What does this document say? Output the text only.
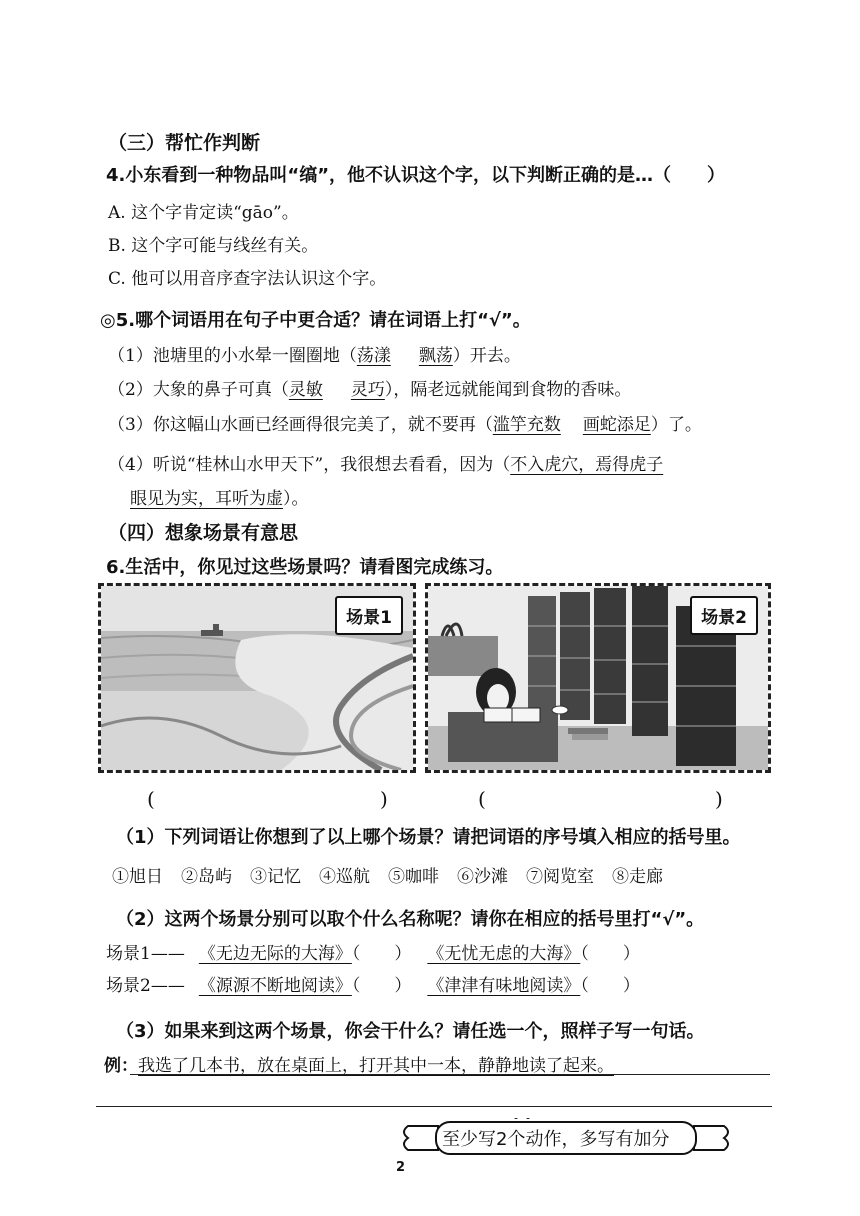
（三）帮忙作判断
4.小东看到一种物品叫“缟”，他不认识这个字，以下判断正确的是…（　　）
A. 这个字肯定读“gāo”。
B. 这个字可能与线丝有关。
C. 他可以用音序查字法认识这个字。
◎5.哪个词语用在句子中更合适？请在词语上打“√”。
（1）池塘里的小水晕一圈圈地（荡漾 飘荡）开去。
（2）大象的鼻子可真（灵敏 灵巧），隔老远就能闻到食物的香味。
（3）你这幅山水画已经画得很完美了，就不要再（滥竽充数 画蛇添足）了。
（4）听说“桂林山水甲天下”，我很想去看看，因为（不入虎穴，焉得虎子
眼见为实，耳听为虚）。
（四）想象场景有意思
6.生活中，你见过这些场景吗？请看图完成练习。
场景1	场景2
(	)	(	)
（1）下列词语让你想到了以上哪个场景？请把词语的序号填入相应的括号里。
①旭日 ②岛屿 ③记忆 ④巡航 ⑤咖啡 ⑥沙滩 ⑦阅览室 ⑧走廊
（2）这两个场景分别可以取个什么名称呢？请你在相应的括号里打“√”。
场景1—— 《无边无际的大海》（　　） 《无忧无虑的大海》（　　）
场景2—— 《源源不断地阅读》（　　） 《津津有味地阅读》（　　）
（3）如果来到这两个场景，你会干什么？请任选一个，照样子写一句话。
例：我选了几本书，放在桌面上，打开其中一本，静静地读了起来。
至少写2个动作，多写有加分
2
